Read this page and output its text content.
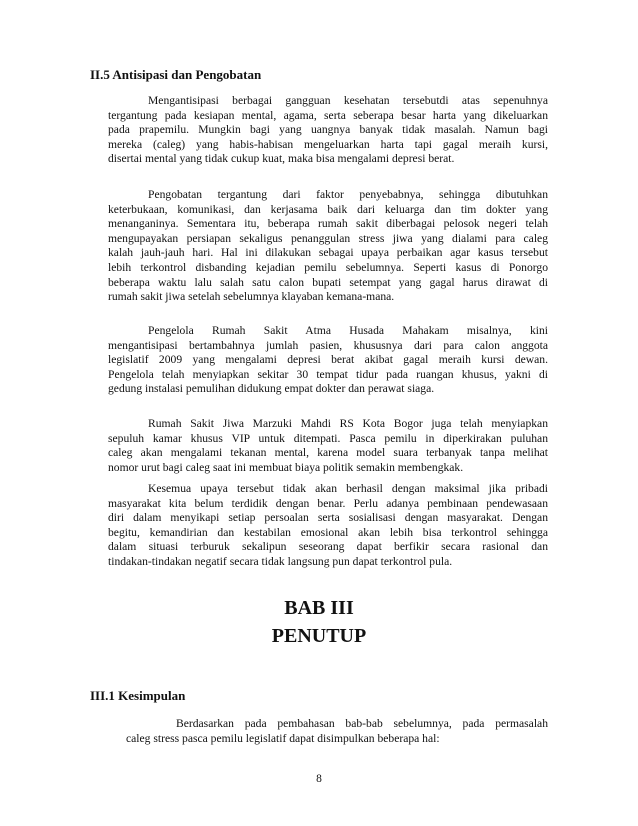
II.5 Antisipasi dan Pengobatan
Mengantisipasi berbagai gangguan kesehatan tersebutdi atas sepenuhnya
tergantung pada kesiapan mental, agama, serta seberapa besar harta yang dikeluarkan
pada prapemilu. Mungkin bagi yang uangnya banyak tidak masalah. Namun bagi
mereka (caleg) yang habis-habisan mengeluarkan harta tapi gagal meraih kursi,
disertai mental yang tidak cukup kuat, maka bisa mengalami depresi berat.
Pengobatan tergantung dari faktor penyebabnya, sehingga dibutuhkan
keterbukaan, komunikasi, dan kerjasama baik dari keluarga dan tim dokter yang
menanganinya. Sementara itu, beberapa rumah sakit diberbagai pelosok negeri telah
mengupayakan persiapan sekaligus penanggulan stress jiwa yang dialami para caleg
kalah jauh-jauh hari. Hal ini dilakukan sebagai upaya perbaikan agar kasus tersebut
lebih terkontrol disbanding kejadian pemilu sebelumnya. Seperti kasus di Ponorgo
beberapa waktu lalu salah satu calon bupati setempat yang gagal harus dirawat di
rumah sakit jiwa setelah sebelumnya klayaban kemana-mana.
Pengelola Rumah Sakit Atma Husada Mahakam misalnya, kini
mengantisipasi bertambahnya jumlah pasien, khususnya dari para calon anggota
legislatif 2009 yang mengalami depresi berat akibat gagal meraih kursi dewan.
Pengelola telah menyiapkan sekitar 30 tempat tidur pada ruangan khusus, yakni di
gedung instalasi pemulihan didukung empat dokter dan perawat siaga.
Rumah Sakit Jiwa Marzuki Mahdi RS Kota Bogor juga telah menyiapkan
sepuluh kamar khusus VIP untuk ditempati. Pasca pemilu in diperkirakan puluhan
caleg akan mengalami tekanan mental, karena model suara terbanyak tanpa melihat
nomor urut bagi caleg saat ini membuat biaya politik semakin membengkak.
Kesemua upaya tersebut tidak akan berhasil dengan maksimal jika pribadi
masyarakat kita belum terdidik dengan benar. Perlu adanya pembinaan pendewasaan
diri dalam menyikapi setiap persoalan serta sosialisasi dengan masyarakat. Dengan
begitu, kemandirian dan kestabilan emosional akan lebih bisa terkontrol sehingga
dalam situasi terburuk sekalipun seseorang dapat berfikir secara rasional dan
tindakan-tindakan negatif secara tidak langsung pun dapat terkontrol pula.
BAB III
PENUTUP
III.1 Kesimpulan
Berdasarkan pada pembahasan bab-bab sebelumnya, pada permasalah
caleg stress pasca pemilu legislatif dapat disimpulkan beberapa hal:
8
